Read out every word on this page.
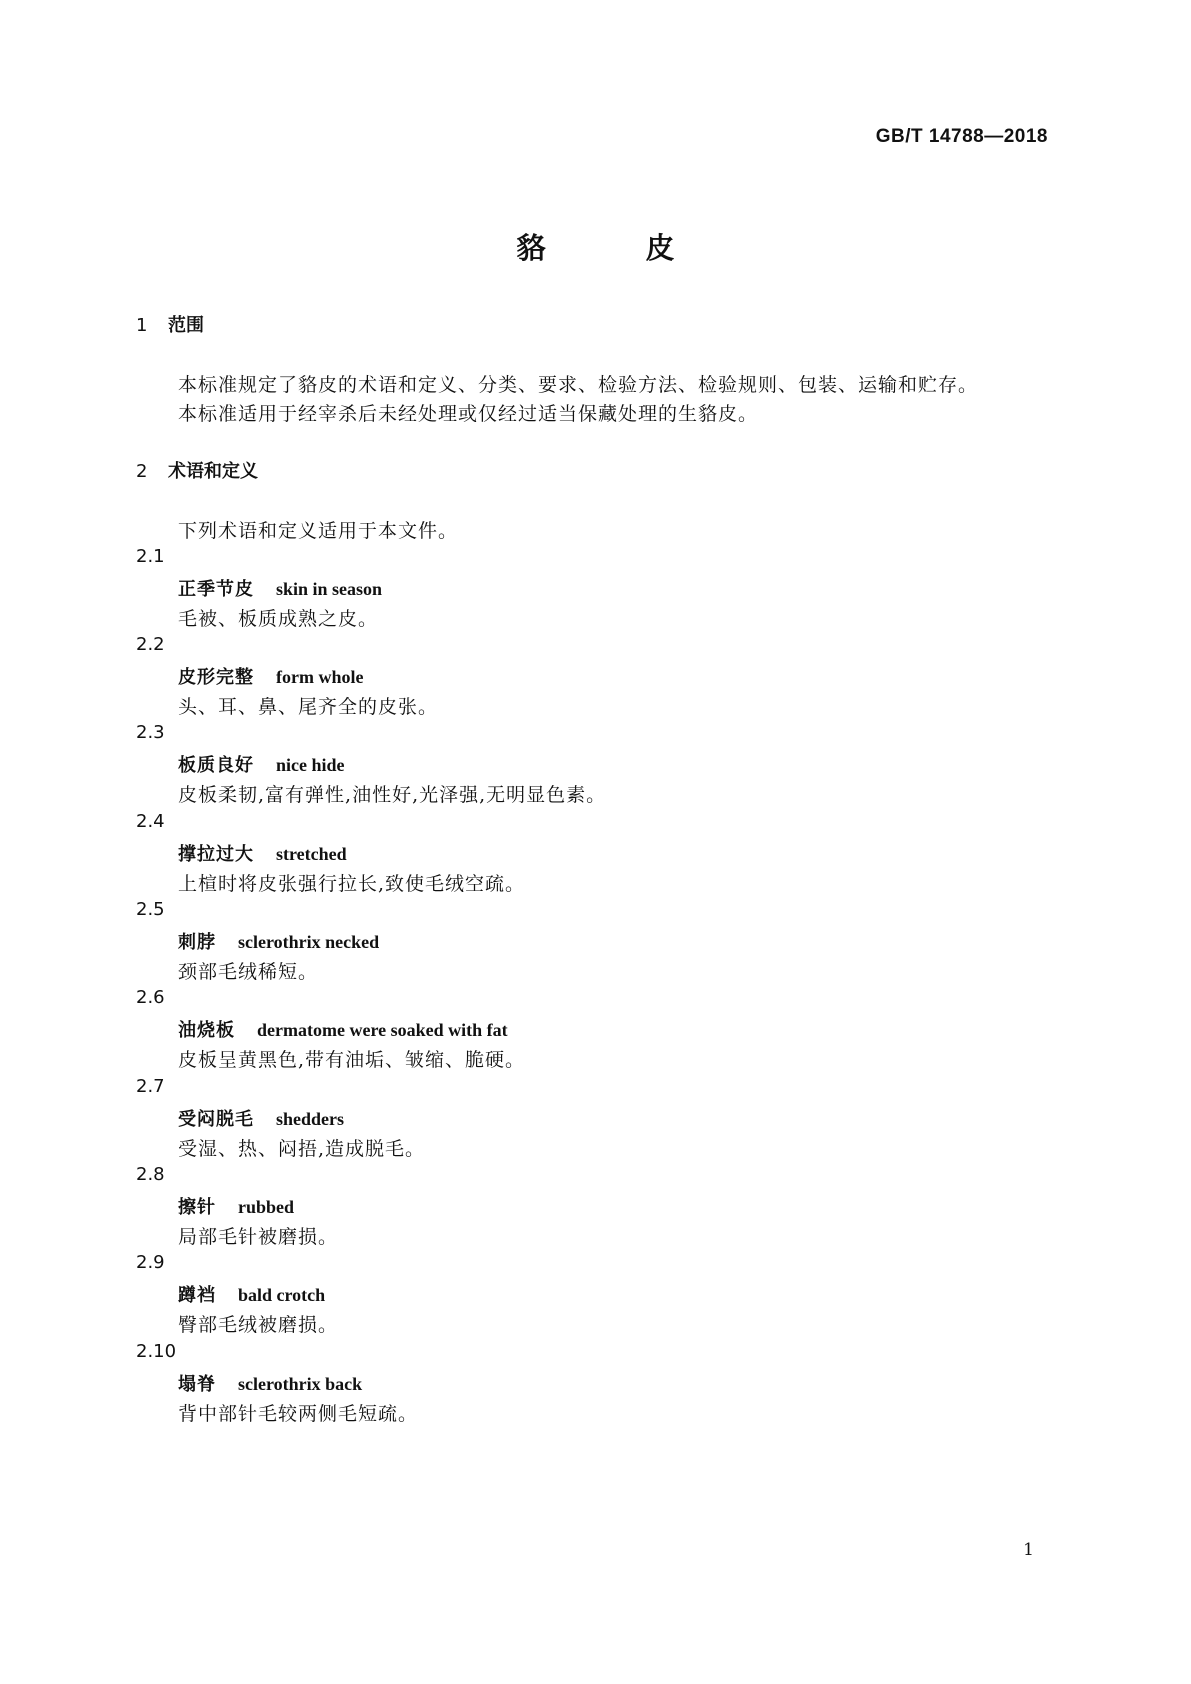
GB/T 14788—2018
貉	皮
1 范围
本标准规定了貉皮的术语和定义、分类、要求、检验方法、检验规则、包装、运输和贮存。
本标准适用于经宰杀后未经处理或仅经过适当保藏处理的生貉皮。
2 术语和定义
下列术语和定义适用于本文件。
2.1
正季节皮 skin in season
毛被、板质成熟之皮。
2.2
皮形完整 form whole
头、耳、鼻、尾齐全的皮张。
2.3
板质良好 nice hide
皮板柔韧,富有弹性,油性好,光泽强,无明显色素。
2.4
撑拉过大 stretched
上楦时将皮张强行拉长,致使毛绒空疏。
2.5
刺脖 sclerothrix necked
颈部毛绒稀短。
2.6
油烧板 dermatome were soaked with fat
皮板呈黄黑色,带有油垢、皱缩、脆硬。
2.7
受闷脱毛 shedders
受湿、热、闷捂,造成脱毛。
2.8
擦针 rubbed
局部毛针被磨损。
2.9
蹲裆 bald crotch
臀部毛绒被磨损。
2.10
塌脊 sclerothrix back
背中部针毛较两侧毛短疏。
1
